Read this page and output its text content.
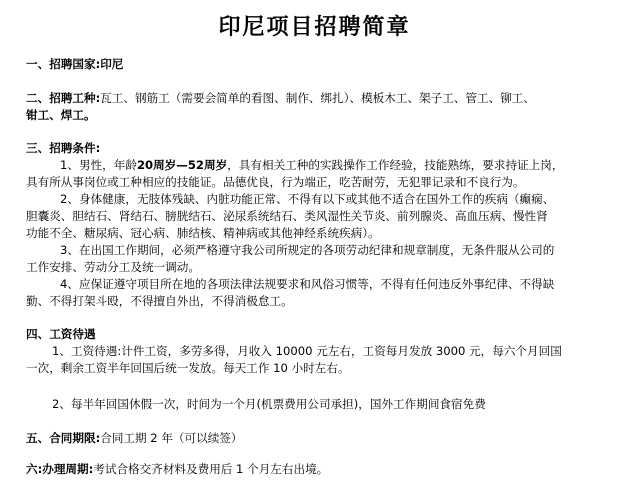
印尼项目招聘简章
一、招聘国家:印尼
二、招聘工种:瓦工、钢筋工（需要会简单的看图、制作、绑扎）、模板木工、架子工、管工、铆工、
钳工、焊工。
三、招聘条件:
1、男性，年龄20周岁—52周岁，具有相关工种的实践操作工作经验，技能熟练，要求持证上岗，
具有所从事岗位或工种相应的技能证。品德优良，行为端正，吃苦耐劳，无犯罪记录和不良行为。
2、身体健康，无肢体残缺、内脏功能正常、不得有以下或其他不适合在国外工作的疾病（癫痫、
胆囊炎、胆结石、肾结石、膀胱结石、泌尿系统结石、类风湿性关节炎、前列腺炎、高血压病、慢性肾
功能不全、糖尿病、冠心病、肺结核、精神病或其他神经系统疾病）。
3、在出国工作期间，必须严格遵守我公司所规定的各项劳动纪律和规章制度，无条件服从公司的
工作安排、劳动分工及统一调动。
4、应保证遵守项目所在地的各项法律法规要求和风俗习惯等，不得有任何违反外事纪律、不得缺
勤、不得打架斗殴，不得擅自外出，不得消极怠工。
四、工资待遇
1、工资待遇:计件工资，多劳多得，月收入 10000 元左右，工资每月发放 3000 元，每六个月回国
一次，剩余工资半年回国后统一发放。每天工作 10 小时左右。
2、每半年回国休假一次，时间为一个月(机票费用公司承担)，国外工作期间食宿免费
五、合同期限:合同工期 2 年（可以续签）
六:办理周期:考试合格交齐材料及费用后 1 个月左右出境。
